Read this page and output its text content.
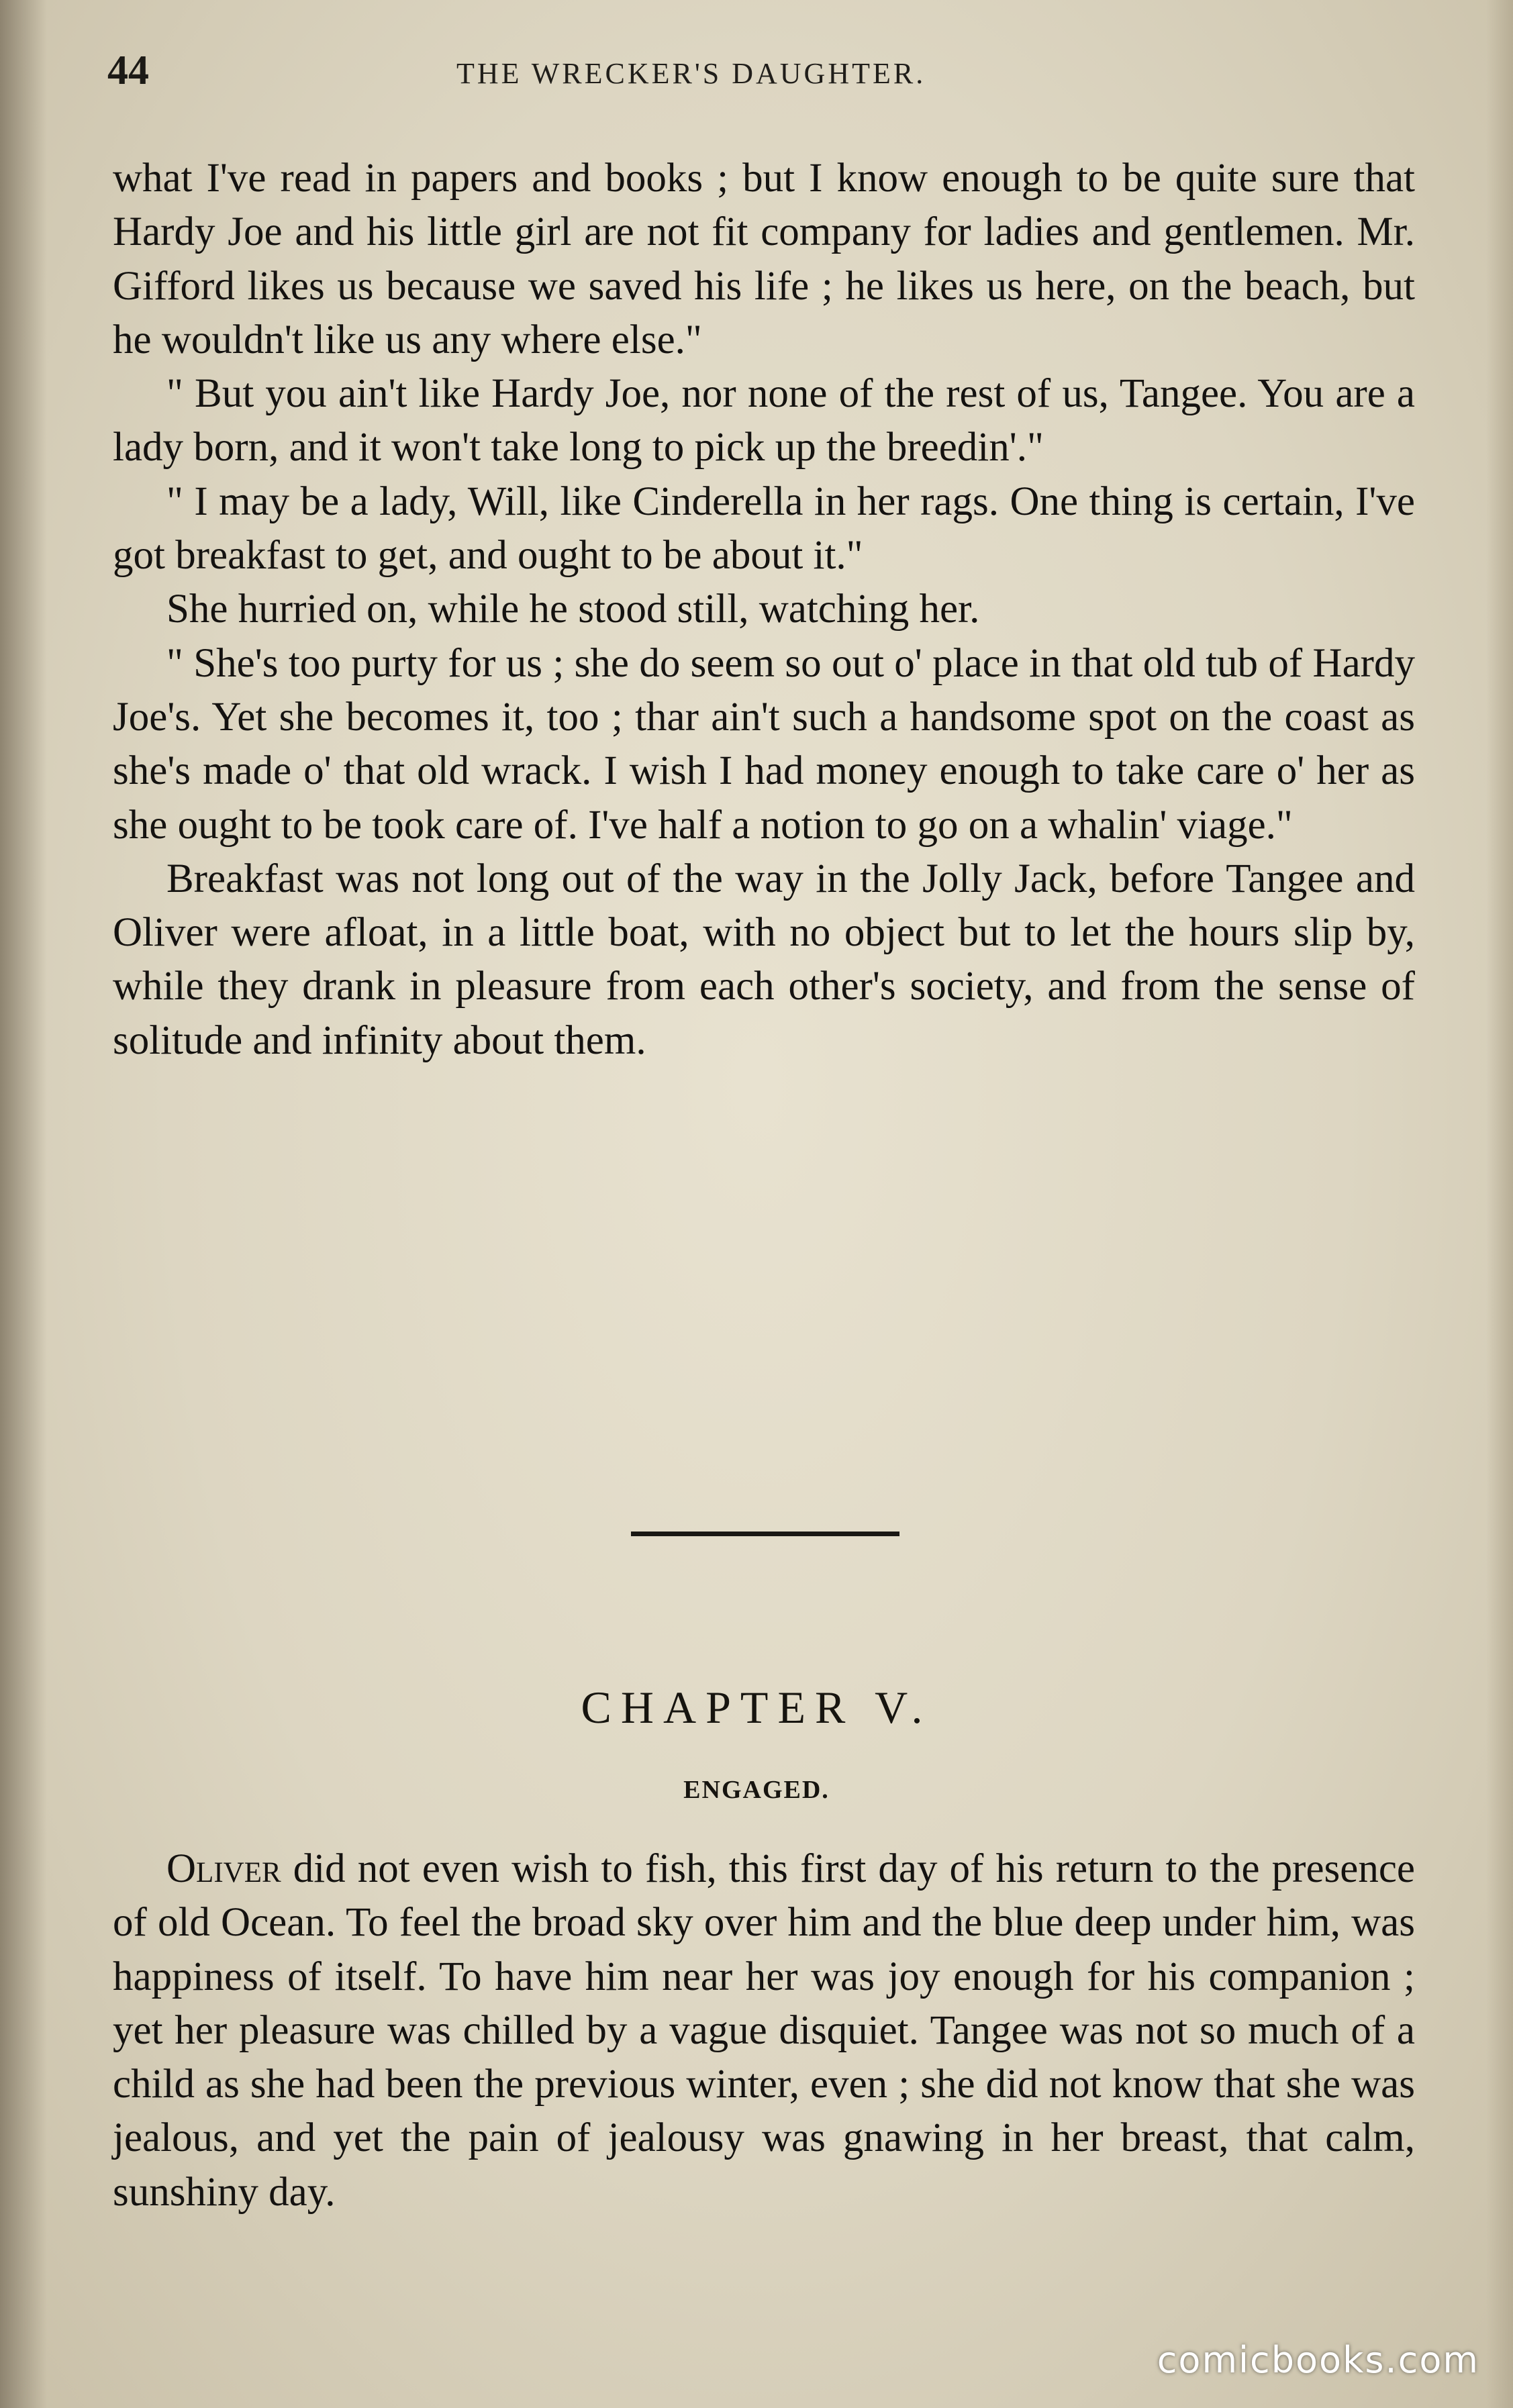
44	THE WRECKER'S DAUGHTER.

what I've read in papers and books ; but I know enough to be quite sure that Hardy Joe and his little girl are not fit company for ladies and gentlemen. Mr. Gifford likes us because we saved his life ; he likes us here, on the beach, but he wouldn't like us any where else."

" But you ain't like Hardy Joe, nor none of the rest of us, Tangee. You are a lady born, and it won't take long to pick up the breedin'."

" I may be a lady, Will, like Cinderella in her rags. One thing is certain, I've got breakfast to get, and ought to be about it."

She hurried on, while he stood still, watching her.

" She's too purty for us ; she do seem so out o' place in that old tub of Hardy Joe's. Yet she becomes it, too ; thar ain't such a handsome spot on the coast as she's made o' that old wrack. I wish I had money enough to take care o' her as she ought to be took care of. I've half a notion to go on a whalin' viage."

Breakfast was not long out of the way in the Jolly Jack, before Tangee and Oliver were afloat, in a little boat, with no object but to let the hours slip by, while they drank in pleasure from each other's society, and from the sense of solitude and infinity about them.

CHAPTER V.
ENGAGED.

Oliver did not even wish to fish, this first day of his return to the presence of old Ocean. To feel the broad sky over him and the blue deep under him, was happiness of itself. To have him near her was joy enough for his companion ; yet her pleasure was chilled by a vague disquiet. Tangee was not so much of a child as she had been the previous winter, even ; she did not know that she was jealous, and yet the pain of jealousy was gnawing in her breast, that calm, sunshiny day.

comicbooks.com
